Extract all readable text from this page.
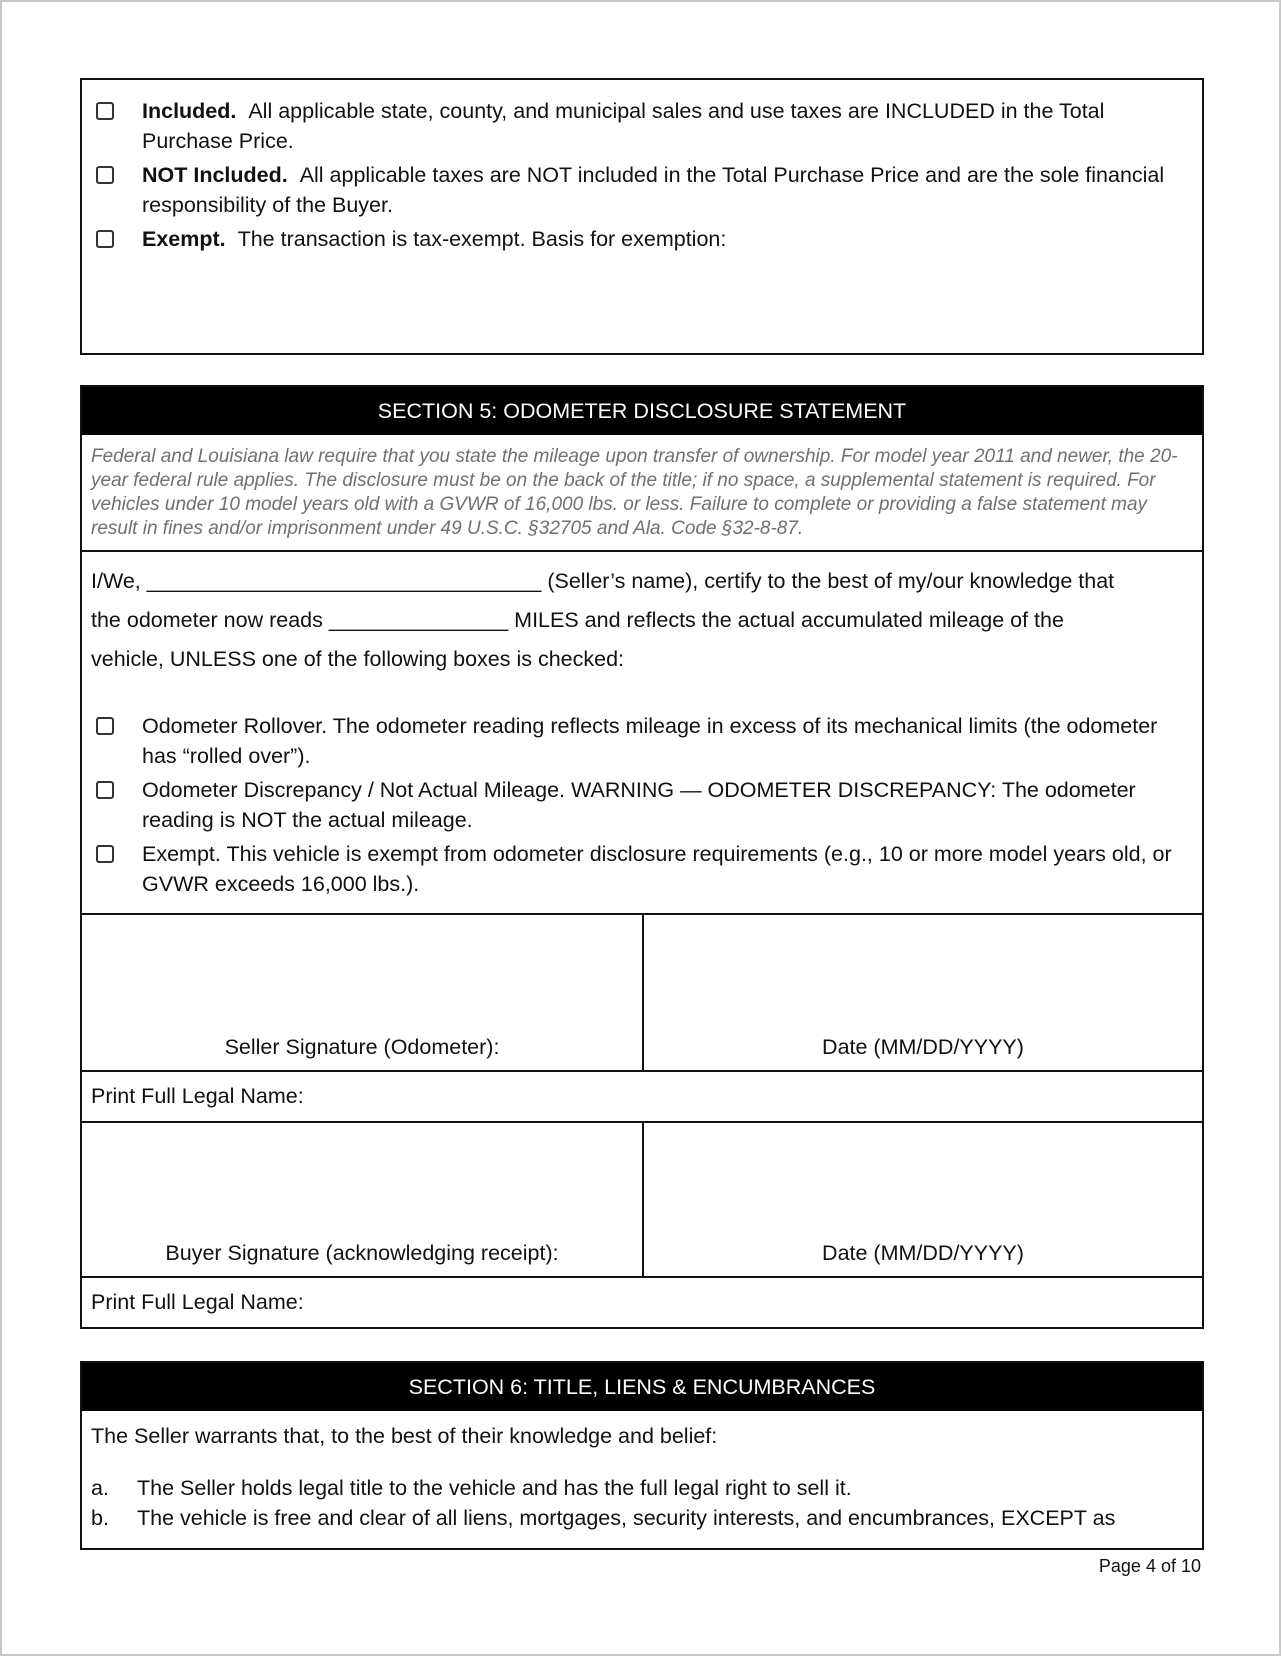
Included. All applicable state, county, and municipal sales and use taxes are INCLUDED in the Total Purchase Price.
NOT Included. All applicable taxes are NOT included in the Total Purchase Price and are the sole financial responsibility of the Buyer.
Exempt. The transaction is tax-exempt. Basis for exemption:
SECTION 5: ODOMETER DISCLOSURE STATEMENT
Federal and Louisiana law require that you state the mileage upon transfer of ownership. For model year 2011 and newer, the 20-year federal rule applies. The disclosure must be on the back of the title; if no space, a supplemental statement is required. For vehicles under 10 model years old with a GVWR of 16,000 lbs. or less. Failure to complete or providing a false statement may result in fines and/or imprisonment under 49 U.S.C. §32705 and Ala. Code §32-8-87.
I/We, _________________________________ (Seller’s name), certify to the best of my/our knowledge that
the odometer now reads _______________ MILES and reflects the actual accumulated mileage of the
vehicle, UNLESS one of the following boxes is checked:
Odometer Rollover. The odometer reading reflects mileage in excess of its mechanical limits (the odometer has “rolled over”).
Odometer Discrepancy / Not Actual Mileage. WARNING — ODOMETER DISCREPANCY: The odometer reading is NOT the actual mileage.
Exempt. This vehicle is exempt from odometer disclosure requirements (e.g., 10 or more model years old, or GVWR exceeds 16,000 lbs.).
Seller Signature (Odometer):	Date (MM/DD/YYYY)
Print Full Legal Name:
Buyer Signature (acknowledging receipt):	Date (MM/DD/YYYY)
Print Full Legal Name:
SECTION 6: TITLE, LIENS & ENCUMBRANCES
The Seller warrants that, to the best of their knowledge and belief:
a. The Seller holds legal title to the vehicle and has the full legal right to sell it.
b. The vehicle is free and clear of all liens, mortgages, security interests, and encumbrances, EXCEPT as
Page 4 of 10
